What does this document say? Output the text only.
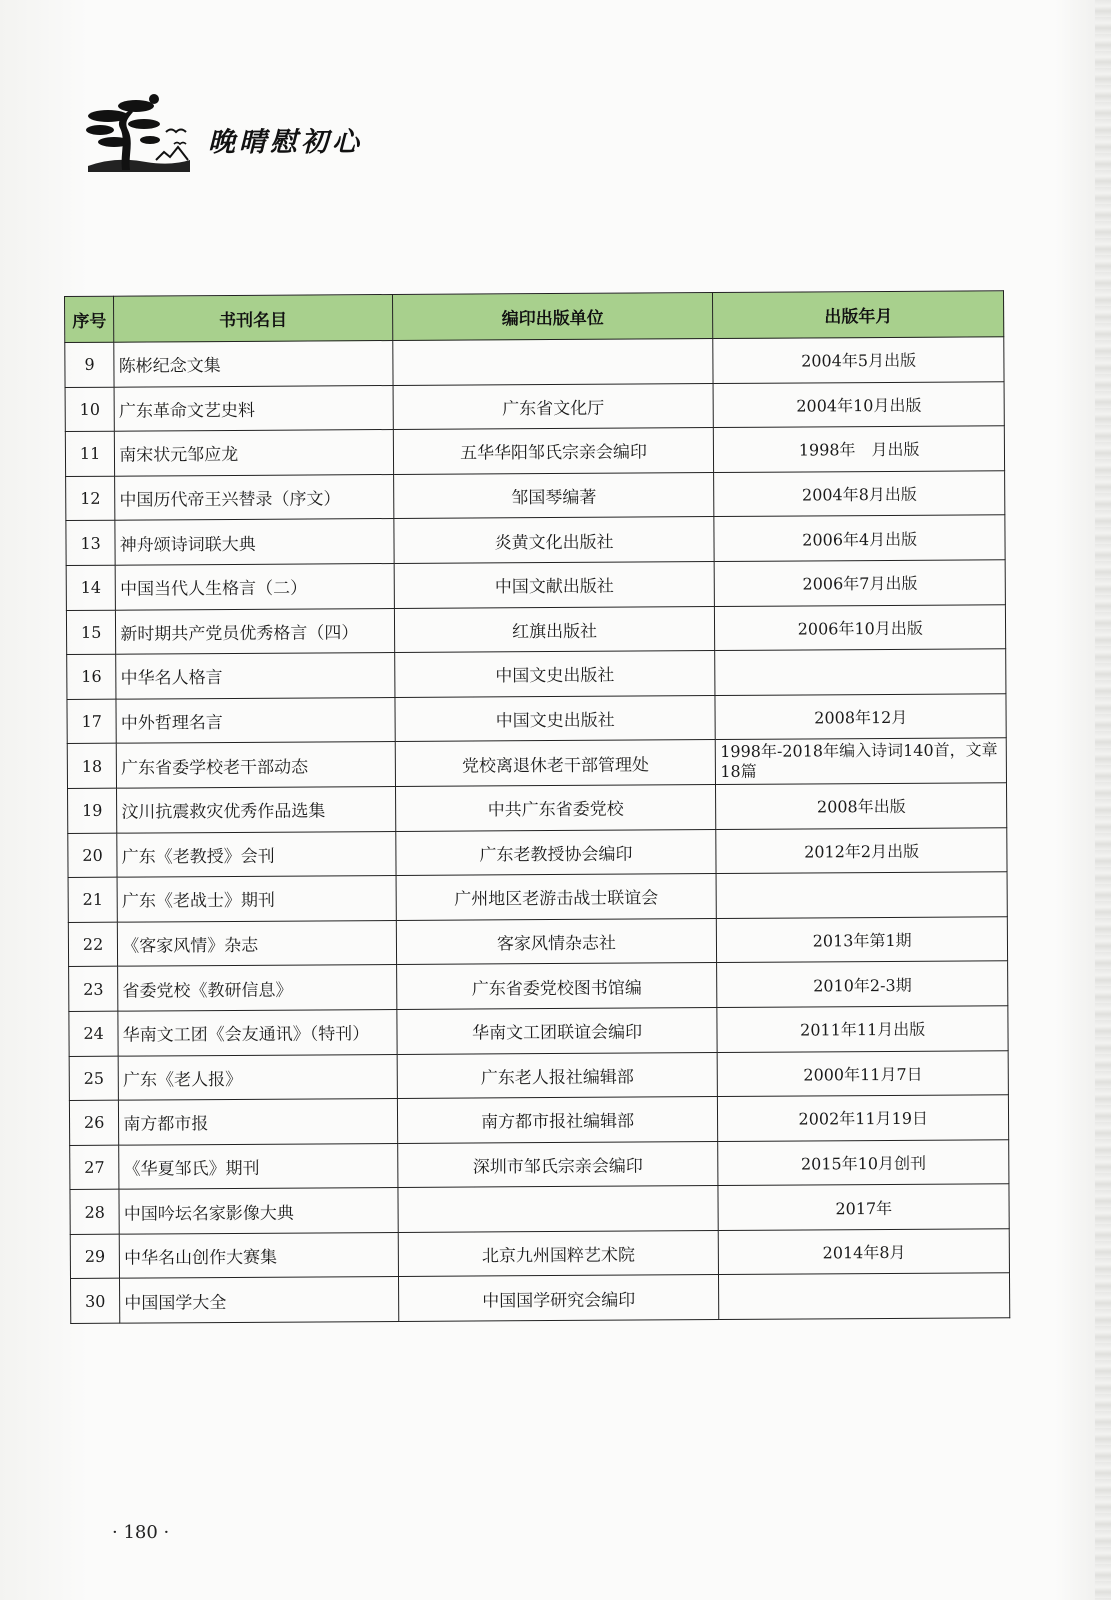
晚晴慰初心
序号	书刊名目	编印出版单位	出版年月
9	陈彬纪念文集		2004年5月出版
10	广东革命文艺史料	广东省文化厅	2004年10月出版
11	南宋状元邹应龙	五华华阳邹氏宗亲会编印	1998年　月出版
12	中国历代帝王兴替录（序文）	邹国琴编著	2004年8月出版
13	神舟颂诗词联大典	炎黄文化出版社	2006年4月出版
14	中国当代人生格言（二）	中国文献出版社	2006年7月出版
15	新时期共产党员优秀格言（四）	红旗出版社	2006年10月出版
16	中华名人格言	中国文史出版社	
17	中外哲理名言	中国文史出版社	2008年12月
18	广东省委学校老干部动态	党校离退休老干部管理处	1998年-2018年编入诗词140首，文章18篇
19	汶川抗震救灾优秀作品选集	中共广东省委党校	2008年出版
20	广东《老教授》会刊	广东老教授协会编印	2012年2月出版
21	广东《老战士》期刊	广州地区老游击战士联谊会	
22	《客家风情》杂志	客家风情杂志社	2013年第1期
23	省委党校《教研信息》	广东省委党校图书馆编	2010年2-3期
24	华南文工团《会友通讯》（特刊）	华南文工团联谊会编印	2011年11月出版
25	广东《老人报》	广东老人报社编辑部	2000年11月7日
26	南方都市报	南方都市报社编辑部	2002年11月19日
27	《华夏邹氏》期刊	深圳市邹氏宗亲会编印	2015年10月创刊
28	中国吟坛名家影像大典		2017年
29	中华名山创作大赛集	北京九州国粹艺术院	2014年8月
30	中国国学大全	中国国学研究会编印	
· 180 ·
